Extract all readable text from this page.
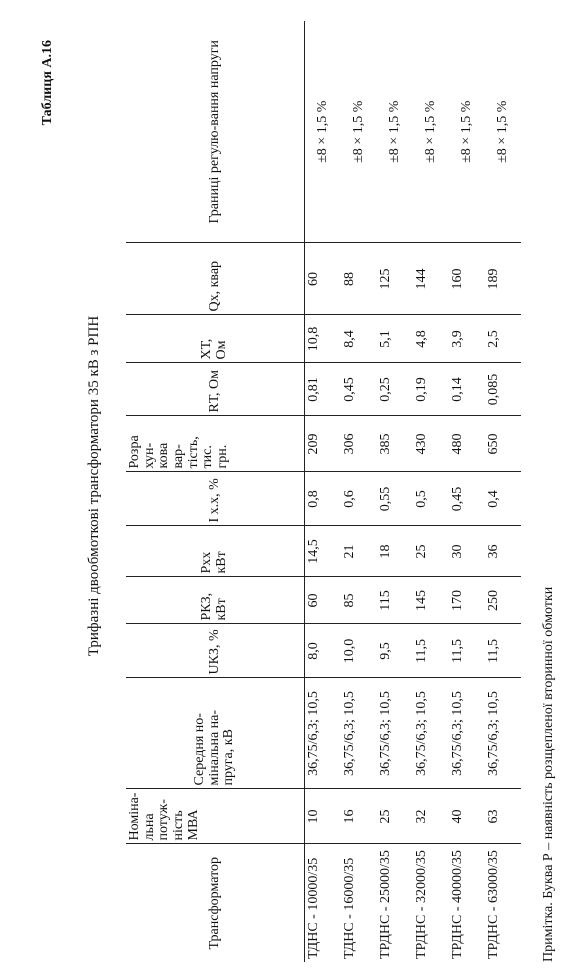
Таблиця А.16
Трифазні двообмоткові трансформатори 35 кВ з РПН
Трансформатор	Номіна-льна потуж-ність МВА	Середня но-мінальна на-пруга, кВ	UКЗ, %	PКЗ, кВт	Pxx кВт	I х.х, %	Розра хун-кова вар-тість, тис. грн.	RТ, Ом	XТ, Ом	Qx, квар	Границі регулю-вання напруги
ТДНС - 10000/35	10	36,75/6,3; 10,5	8,0	60	14,5	0,8	209	0,81	10,8	60	±8 × 1,5 %
ТДНС - 16000/35	16	36,75/6,3; 10,5	10,0	85	21	0,6	306	0,45	8,4	88	±8 × 1,5 %
ТРДНС - 25000/35	25	36,75/6,3; 10,5	9,5	115	18	0,55	385	0,25	5,1	125	±8 × 1,5 %
ТРДНС - 32000/35	32	36,75/6,3; 10,5	11,5	145	25	0,5	430	0,19	4,8	144	±8 × 1,5 %
ТРДНС - 40000/35	40	36,75/6,3; 10,5	11,5	170	30	0,45	480	0,14	3,9	160	±8 × 1,5 %
ТРДНС - 63000/35	63	36,75/6,3; 10,5	11,5	250	36	0,4	650	0,085	2,5	189	±8 × 1,5 %
Примітка. Буква Р – наявність розщепленої вторинної обмотки
